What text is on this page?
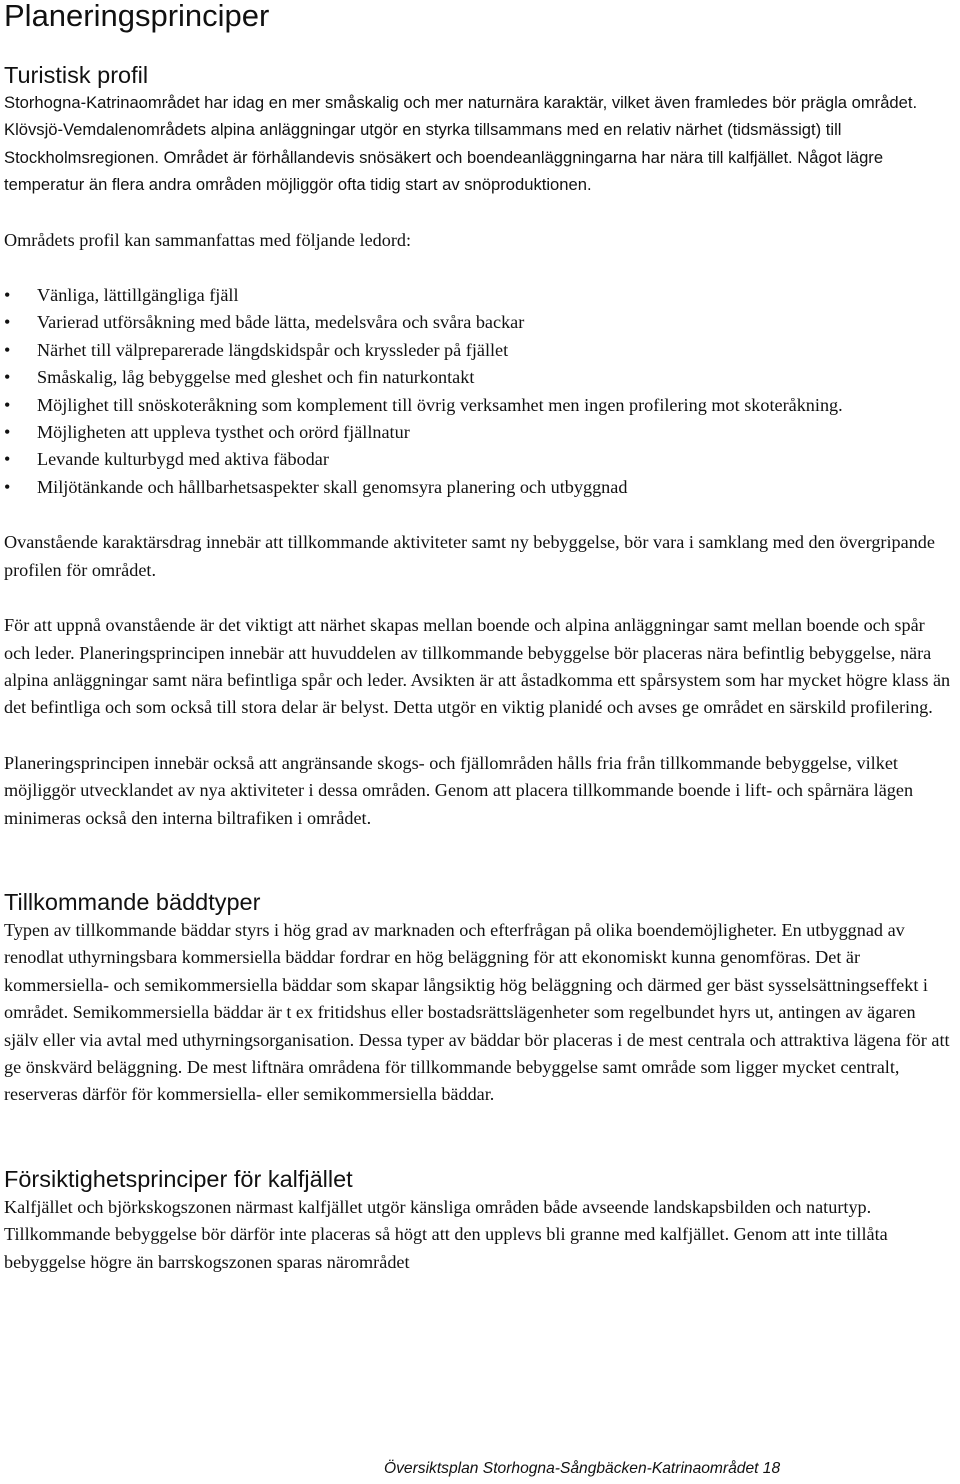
Planeringsprinciper
Turistisk profil

Storhogna-Katrinaområdet har idag en mer småskalig och mer naturnära karaktär, vilket även framledes bör prägla området. Klövsjö-Vemdalenområdets alpina anläggningar utgör en styrka tillsammans med en relativ närhet (tidsmässigt) till Stockholmsregionen. Området är förhållandevis snösäkert och boendeanläggningarna har nära till kalfjället. Något lägre temperatur än flera andra områden möjliggör ofta tidig start av snöproduktionen.

Områdets profil kan sammanfattas med följande ledord:

• Vänliga, lättillgängliga fjäll
• Varierad utförsåkning med både lätta, medelsvåra och svåra backar
• Närhet till välpreparerade längdskidspår och kryssleder på fjället
• Småskalig, låg bebyggelse med gleshet och fin naturkontakt
• Möjlighet till snöskoteråkning som komplement till övrig verksamhet men ingen profilering mot skoteråkning.
• Möjligheten att uppleva tysthet och orörd fjällnatur
• Levande kulturbygd med aktiva fäbodar
• Miljötänkande och hållbarhetsaspekter skall genomsyra planering och utbyggnad

Ovanstående karaktärsdrag innebär att tillkommande aktiviteter samt ny bebyggelse, bör vara i samklang med den övergripande profilen för området.

För att uppnå ovanstående är det viktigt att närhet skapas mellan boende och alpina anläggningar samt mellan boende och spår och leder. Planeringsprincipen innebär att huvuddelen av tillkommande bebyggelse bör placeras nära befintlig bebyggelse, nära alpina anläggningar samt nära befintliga spår och leder. Avsikten är att åstadkomma ett spårsystem som har mycket högre klass än det befintliga och som också till stora delar är belyst. Detta utgör en viktig planidé och avses ge området en särskild profilering.

Planeringsprincipen innebär också att angränsande skogs- och fjällområden hålls fria från tillkommande bebyggelse, vilket möjliggör utvecklandet av nya aktiviteter i dessa områden. Genom att placera tillkommande boende i lift- och spårnära lägen minimeras också den interna biltrafiken i området.

Tillkommande bäddtyper

Typen av tillkommande bäddar styrs i hög grad av marknaden och efterfrågan på olika boendemöjligheter. En utbyggnad av renodlat uthyrningsbara kommersiella bäddar fordrar en hög beläggning för att ekonomiskt kunna genomföras. Det är kommersiella- och semikommersiella bäddar som skapar långsiktig hög beläggning och därmed ger bäst sysselsättningseffekt i området. Semikommersiella bäddar är t ex fritidshus eller bostadsrättslägenheter som regelbundet hyrs ut, antingen av ägaren själv eller via avtal med uthyrningsorganisation. Dessa typer av bäddar bör placeras i de mest centrala och attraktiva lägena för att ge önskvärd beläggning. De mest liftnära områdena för tillkommande bebyggelse samt område som ligger mycket centralt, reserveras därför för kommersiella- eller semikommersiella bäddar.

Försiktighetsprinciper för kalfjället

Kalfjället och björkskogszonen närmast kalfjället utgör känsliga områden både avseende landskapsbilden och naturtyp. Tillkommande bebyggelse bör därför inte placeras så högt att den upplevs bli granne med kalfjället. Genom att inte tillåta bebyggelse högre än barrskogszonen sparas närområdet

Översiktsplan Storhogna-Sångbäcken-Katrinaområdet 18
